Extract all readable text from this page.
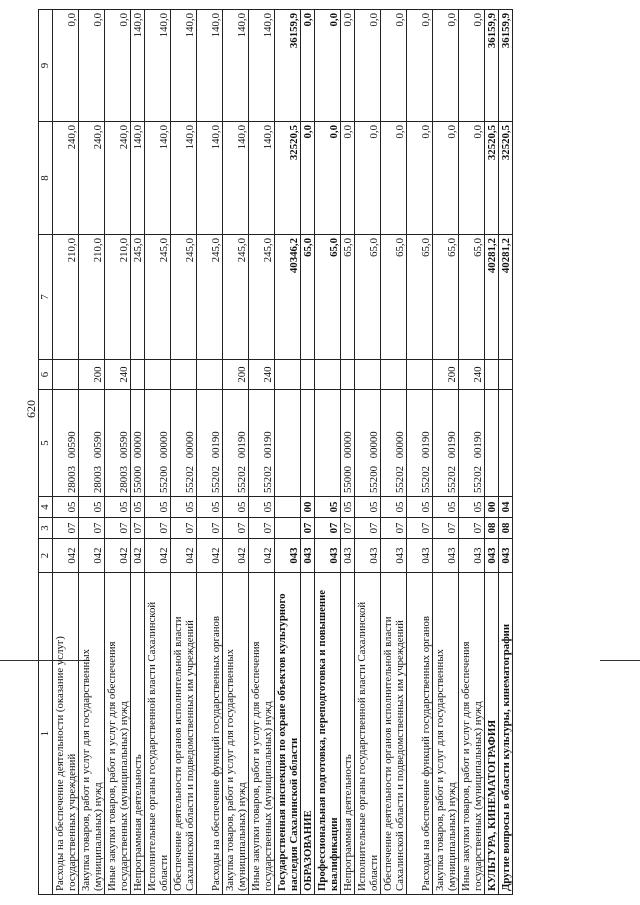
620
1	2	3	4	5	6	7	8	9
Расходы на обеспечение деятельности (оказание услуг) государственных учреждений	042	07	05	28003 00590		210,0	240,0	0,0
Закупка товаров, работ и услуг для государственных (муниципальных) нужд	042	07	05	28003 00590	200	210,0	240,0	0,0
Иные закупки товаров, работ и услуг для обеспечения государственных (муниципальных) нужд	042	07	05	28003 00590	240	210,0	240,0	0,0
Непрограммная деятельность	042	07	05	55000 00000		245,0	140,0	140,0
Исполнительные органы государственной власти Сахалинской области	042	07	05	55200 00000		245,0	140,0	140,0
Обеспечение деятельности органов исполнительной власти Сахалинской области и подведомственных им учреждений	042	07	05	55202 00000		245,0	140,0	140,0
Расходы на обеспечение функций государственных органов	042	07	05	55202 00190		245,0	140,0	140,0
Закупка товаров, работ и услуг для государственных (муниципальных) нужд	042	07	05	55202 00190	200	245,0	140,0	140,0
Иные закупки товаров, работ и услуг для обеспечения государственных (муниципальных) нужд	042	07	05	55202 00190	240	245,0	140,0	140,0
Государственная инспекция по охране объектов культурного наследия Сахалинской области	043					40346,2	32520,5	36159,9
ОБРАЗОВАНИЕ	043	07	00			65,0	0,0	0,0
Профессиональная подготовка, переподготовка и повышение квалификации	043	07	05			65,0	0,0	0,0
Непрограммная деятельность	043	07	05	55000 00000		65,0	0,0	0,0
Исполнительные органы государственной власти Сахалинской области	043	07	05	55200 00000		65,0	0,0	0,0
Обеспечение деятельности органов исполнительной власти Сахалинской области и подведомственных им учреждений	043	07	05	55202 00000		65,0	0,0	0,0
Расходы на обеспечение функций государственных органов	043	07	05	55202 00190		65,0	0,0	0,0
Закупка товаров, работ и услуг для государственных (муниципальных) нужд	043	07	05	55202 00190	200	65,0	0,0	0,0
Иные закупки товаров, работ и услуг для обеспечения государственных (муниципальных) нужд	043	07	05	55202 00190	240	65,0	0,0	0,0
КУЛЬТУРА, КИНЕМАТОГРАФИЯ	043	08	00			40281,2	32520,5	36159,9
Другие вопросы в области культуры, кинематографии	043	08	04			40281,2	32520,5	36159,9
